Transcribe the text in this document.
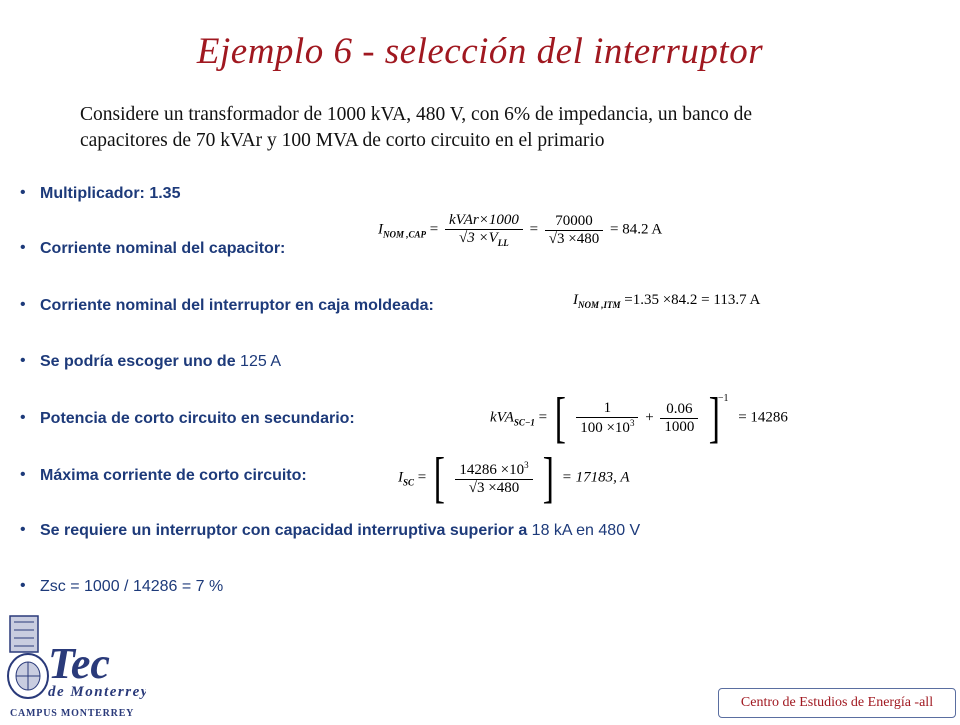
Ejemplo 6 - selección del interruptor
Considere un transformador de 1000 kVA, 480 V, con 6% de impedancia, un banco de capacitores de 70 kVAr y 100 MVA de corto circuito en el primario
• Multiplicador: 1.35
• Corriente nominal del capacitor:
• Corriente nominal del interruptor en caja moldeada:
• Se podría escoger uno de 125 A
• Potencia de corto circuito en secundario:
• Máxima corriente de corto circuito:
• Se requiere un interruptor con capacidad interruptiva superior a 18 kA en 480 V
• Zsc = 1000 / 14286 = 7 %
$I_{NOM ,CAP} = \frac{\text{kVAr×1000}}{√3 \times V_{LL}} = \frac{70000}{√3 \times 480} = 84.2$ A
$I_{NOM ,ITM} =1.35 \times 84.2 = 113.7$ A
kVA$_{SC-1}$ = [ $\frac{1}{100 \times 10^3} + \frac{0.06}{1000} ]^{-1} = 14286$
$I_{SC}$ = [ $\frac{14286 \times 10^3}{√3 \times 480}$ ] = 17183, A
Tec
de Monterrey
CAMPUS MONTERREY
Centro de Estudios de Energía -all
